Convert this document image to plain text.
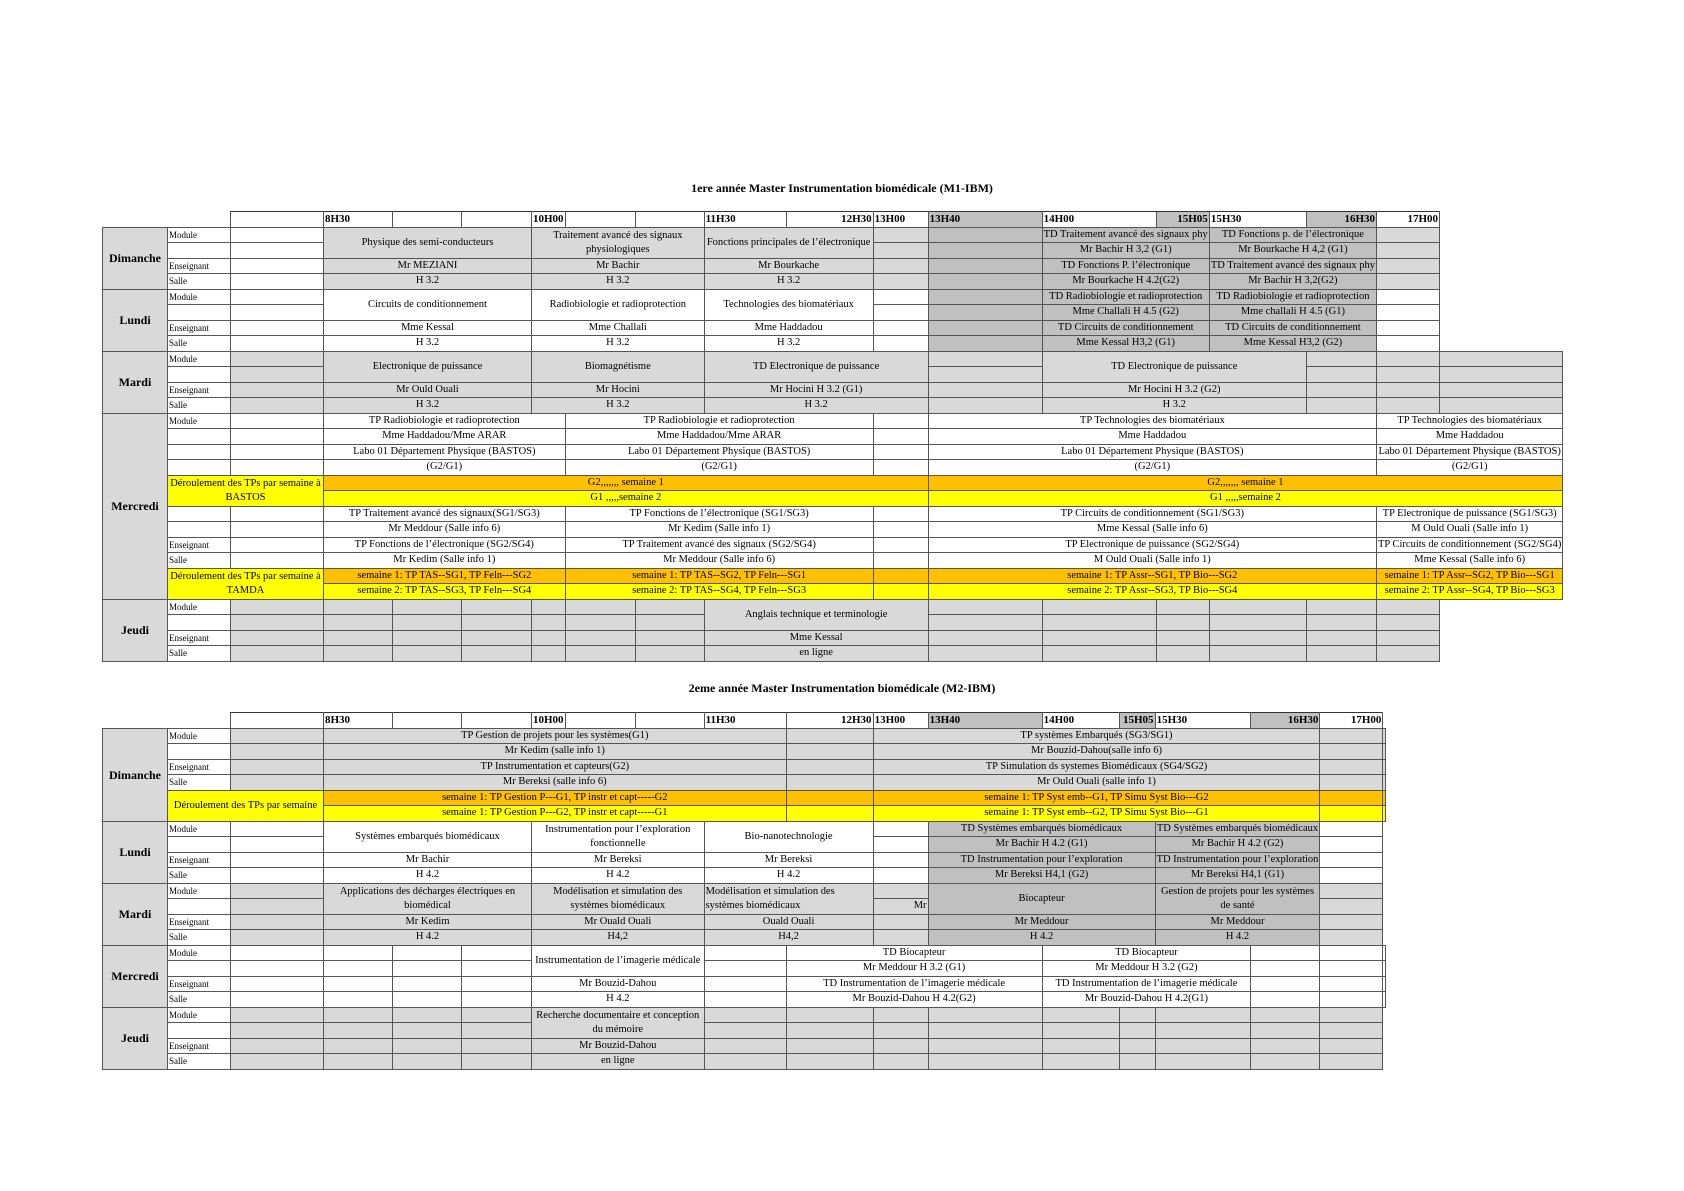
1ere année Master Instrumentation biomédicale (M1-IBM)
			8H30			10H00			11H30	12H30	13H00	13H40	14H00	15H05	15H30	16H30	17H00	
Dimanche	Module		Physique des semi-conducteurs			Traitement avancé des signaux physiologiques			Fonctions principales de l’électronique				TD Traitement avancé des signaux phy		TD Fonctions p. de l’électronique			
													Mr Bachir H 3,2 (G1)		Mr Bourkache H 4,2 (G1)			
	Enseignant		Mr MEZIANI			Mr Bachir			Mr Bourkache				TD Fonctions P. l’électronique		TD Traitement avancé des signaux phy			
	Salle		H 3.2			H 3.2			H 3.2				Mr Bourkache H 4.2(G2)		Mr Bachir H 3,2(G2)			
Lundi	Module		Circuits de conditionnement			Radiobiologie et radioprotection			Technologies des biomatériaux				TD Radiobiologie et radioprotection		TD Radiobiologie et radioprotection			
													Mme Challali H 4.5 (G2)		Mme challali H 4.5 (G1)			
	Enseignant		Mme Kessal			Mme Challali			Mme Haddadou				TD Circuits de conditionnement		TD Circuits de conditionnement			
	Salle		H 3.2			H 3.2			H 3.2				Mme Kessal H3,2 (G1)		Mme Kessal H3,2 (G2)			
Mardi	Module		Electronique de puissance			Biomagnétisme			TD Electronique de puissance				TD Electronique de puissance					

	Enseignant		Mr Ould Ouali			Mr Hocini			Mr Hocini H 3.2 (G1)				Mr Hocini H 3.2 (G2)					
	Salle		H 3.2			H 3.2			H 3.2				H 3.2					
Mercredi	Module		TP Radiobiologie et radioprotection				TP Radiobiologie et radioprotection					TP Technologies des biomatériaux					TP Technologies des biomatériaux	
			Mme Haddadou/Mme ARAR				Mme Haddadou/Mme ARAR					Mme Haddadou					Mme Haddadou	
			Labo 01 Département Physique (BASTOS)				Labo 01 Département Physique (BASTOS)					Labo 01 Département Physique (BASTOS)					Labo 01 Département Physique (BASTOS)	
			(G2/G1)				(G2/G1)					(G2/G1)					(G2/G1)	
	Déroulement des TPs par semaine à BASTOS		G2,,,,,,, semaine 1									G2,,,,,,, semaine 1						
			G1 ,,,,,semaine 2									G1 ,,,,,semaine 2						
			TP Traitement avancé des signaux(SG1/SG3)				TP Fonctions de l’électronique (SG1/SG3)					TP Circuits de conditionnement (SG1/SG3)					TP Electronique de puissance (SG1/SG3)	
			Mr Meddour (Salle info 6)				Mr Kedim (Salle info 1)					Mme Kessal (Salle info 6)					M Ould Ouali (Salle info 1)	
	Enseignant		TP Fonctions de l’électronique (SG2/SG4)				TP Traitement avancé des signaux (SG2/SG4)					TP Electronique de puissance (SG2/SG4)					TP Circuits de conditionnement (SG2/SG4)	
	Salle		Mr Kedim (Salle info 1)				Mr Meddour (Salle info 6)					M Ould Ouali (Salle info 1)					Mme Kessal (Salle info 6)	
	Déroulement des TPs par semaine à TAMDA		semaine 1: TP TAS--SG1, TP Feln---SG2				semaine 1: TP TAS--SG2, TP Feln---SG1					semaine 1: TP Assr--SG1, TP Bio---SG2					semaine 1: TP Assr--SG2, TP Bio---SG1	
			semaine 2: TP TAS--SG3, TP Feln---SG4				semaine 2: TP TAS--SG4, TP Feln---SG3					semaine 2: TP Assr--SG3, TP Bio---SG4					semaine 2: TP Assr--SG4, TP Bio---SG3	
Jeudi	Module								Anglais technique et terminologie									

	Enseignant								Mme Kessal									
	Salle								en ligne									
2eme année Master Instrumentation biomédicale (M2-IBM)
			8H30			10H00			11H30	12H30	13H00	13H40	14H00	15H05	15H30	16H30	17H00	
Dimanche	Module		TP Gestion de projets pour les systèmes(G1)								TP systèmes Embarqués (SG3/SG1)							
			Mr Kedim (salle info 1)								Mr Bouzid-Dahou(salle info 6)							
	Enseignant		TP Instrumentation et capteurs(G2)								TP Simulation ds systemes Biomédicaux (SG4/SG2)							
	Salle		Mr Bereksi (salle info 6)								Mr Ould Ouali (salle info 1)							
	Déroulement des TPs par semaine		semaine 1: TP Gestion P---G1, TP instr et capt-----G2								semaine 1: TP Syst emb--G1, TP Simu Syst Bio---G2							
			semaine 1: TP Gestion P---G2, TP instr et capt-----G1								semaine 1: TP Syst emb--G2, TP Simu Syst Bio---G1							
Lundi	Module		Systèmes embarqués biomédicaux			Instrumentation pour l’exploration fonctionnelle			Bio-nanotechnologie			TD Systèmes embarqués biomédicaux			TD Systèmes embarqués biomédicaux			
												Mr Bachir H 4.2 (G1)			Mr Bachir H 4.2 (G2)			
	Enseignant		Mr Bachir			Mr Bereksi			Mr Bereksi			TD Instrumentation pour l’exploration			TD Instrumentation pour l’exploration			
	Salle		H 4.2			H 4.2			H 4.2			Mr Bereksi H4,1 (G2)			Mr Bereksi H4,1 (G1)			
Mardi	Module		Applications des décharges électriques en biomédical			Modélisation et simulation des systèmes biomédicaux			Modélisation et simulation des systèmes biomédicaux			Biocapteur			Gestion de projets pour les systèmes de santé			
											Mr							
	Enseignant		Mr Kedim			Mr Ouald Ouali			Ouald Ouali			Mr Meddour			Mr Meddour			
	Salle		H 4.2			H4,2			H4,2			H 4.2			H 4.2			
Mercredi	Module					Instrumentation de l’imagerie médicale				TD Biocapteur			TD Biocapteur					
										Mr Meddour H 3.2 (G1)			Mr Meddour H 3.2 (G2)					
	Enseignant					Mr Bouzid-Dahou				TD Instrumentation de l’imagerie médicale			TD Instrumentation de l’imagerie médicale					
	Salle					H 4.2				Mr Bouzid-Dahou H 4.2(G2)			Mr Bouzid-Dahou H 4.2(G1)					
Jeudi	Module					Recherche documentaire et conception du mémoire												

	Enseignant					Mr Bouzid-Dahou												
	Salle					en ligne												
